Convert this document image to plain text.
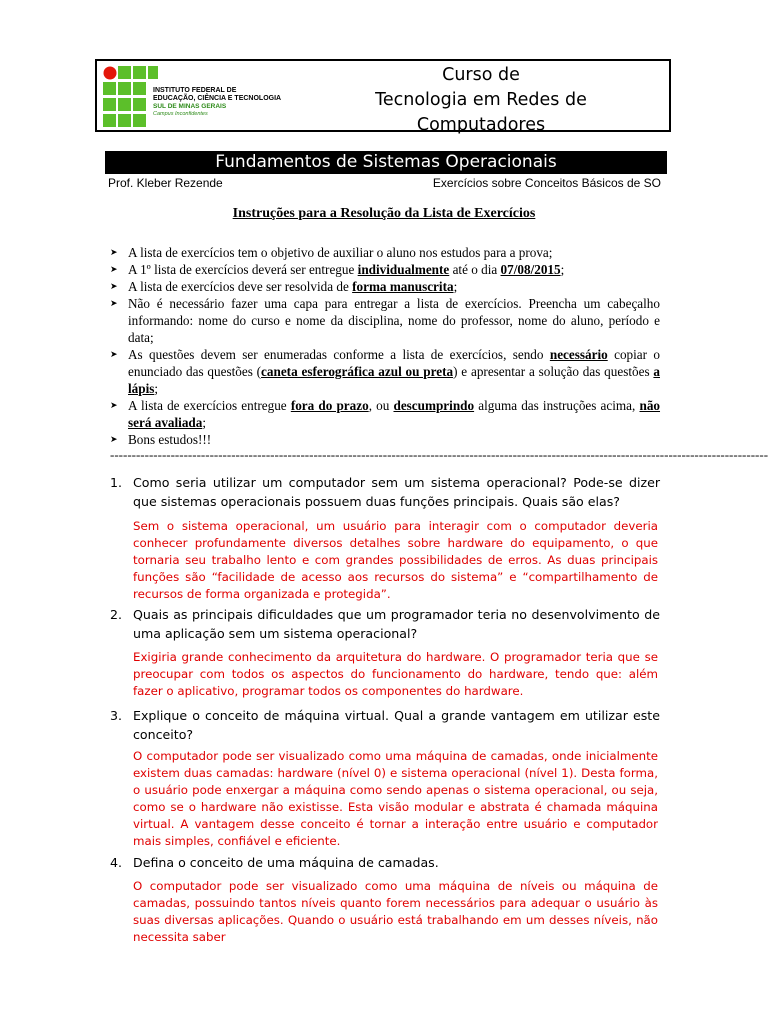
INSTITUTO FEDERAL DE
EDUCAÇÃO, CIÊNCIA E TECNOLOGIA
SUL DE MINAS GERAIS
Campus Inconfidentes
Curso de
Tecnologia em Redes de
Computadores
Fundamentos de Sistemas Operacionais
Prof. Kleber Rezende	Exercícios sobre Conceitos Básicos de SO
Instruções para a Resolução da Lista de Exercícios
➤ A lista de exercícios tem o objetivo de auxiliar o aluno nos estudos para a prova;
➤ A 1º lista de exercícios deverá ser entregue individualmente até o dia 07/08/2015;
➤ A lista de exercícios deve ser resolvida de forma manuscrita;
➤ Não é necessário fazer uma capa para entregar a lista de exercícios. Preencha um cabeçalho informando: nome do curso e nome da disciplina, nome do professor, nome do aluno, período e data;
➤ As questões devem ser enumeradas conforme a lista de exercícios, sendo necessário copiar o enunciado das questões (caneta esferográfica azul ou preta) e apresentar a solução das questões a lápis;
➤ A lista de exercícios entregue fora do prazo, ou descumprindo alguma das instruções acima, não será avaliada;
➤ Bons estudos!!!
--------------------------------------------------------------------------------------------------------------------------------------------------------
1. Como seria utilizar um computador sem um sistema operacional? Pode-se dizer que sistemas operacionais possuem duas funções principais. Quais são elas?
Sem o sistema operacional, um usuário para interagir com o computador deveria conhecer profundamente diversos detalhes sobre hardware do equipamento, o que tornaria seu trabalho lento e com grandes possibilidades de erros. As duas principais funções são “facilidade de acesso aos recursos do sistema” e “compartilhamento de recursos de forma organizada e protegida”.
2. Quais as principais dificuldades que um programador teria no desenvolvimento de uma aplicação sem um sistema operacional?
Exigiria grande conhecimento da arquitetura do hardware. O programador teria que se preocupar com todos os aspectos do funcionamento do hardware, tendo que: além fazer o aplicativo, programar todos os componentes do hardware.
3. Explique o conceito de máquina virtual. Qual a grande vantagem em utilizar este conceito?
O computador pode ser visualizado como uma máquina de camadas, onde inicialmente existem duas camadas: hardware (nível 0) e sistema operacional (nível 1). Desta forma, o usuário pode enxergar a máquina como sendo apenas o sistema operacional, ou seja, como se o hardware não existisse. Esta visão modular e abstrata é chamada máquina virtual. A vantagem desse conceito é tornar a interação entre usuário e computador mais simples, confiável e eficiente.
4. Defina o conceito de uma máquina de camadas.
O computador pode ser visualizado como uma máquina de níveis ou máquina de camadas, possuindo tantos níveis quanto forem necessários para adequar o usuário às suas diversas aplicações. Quando o usuário está trabalhando em um desses níveis, não necessita saber
